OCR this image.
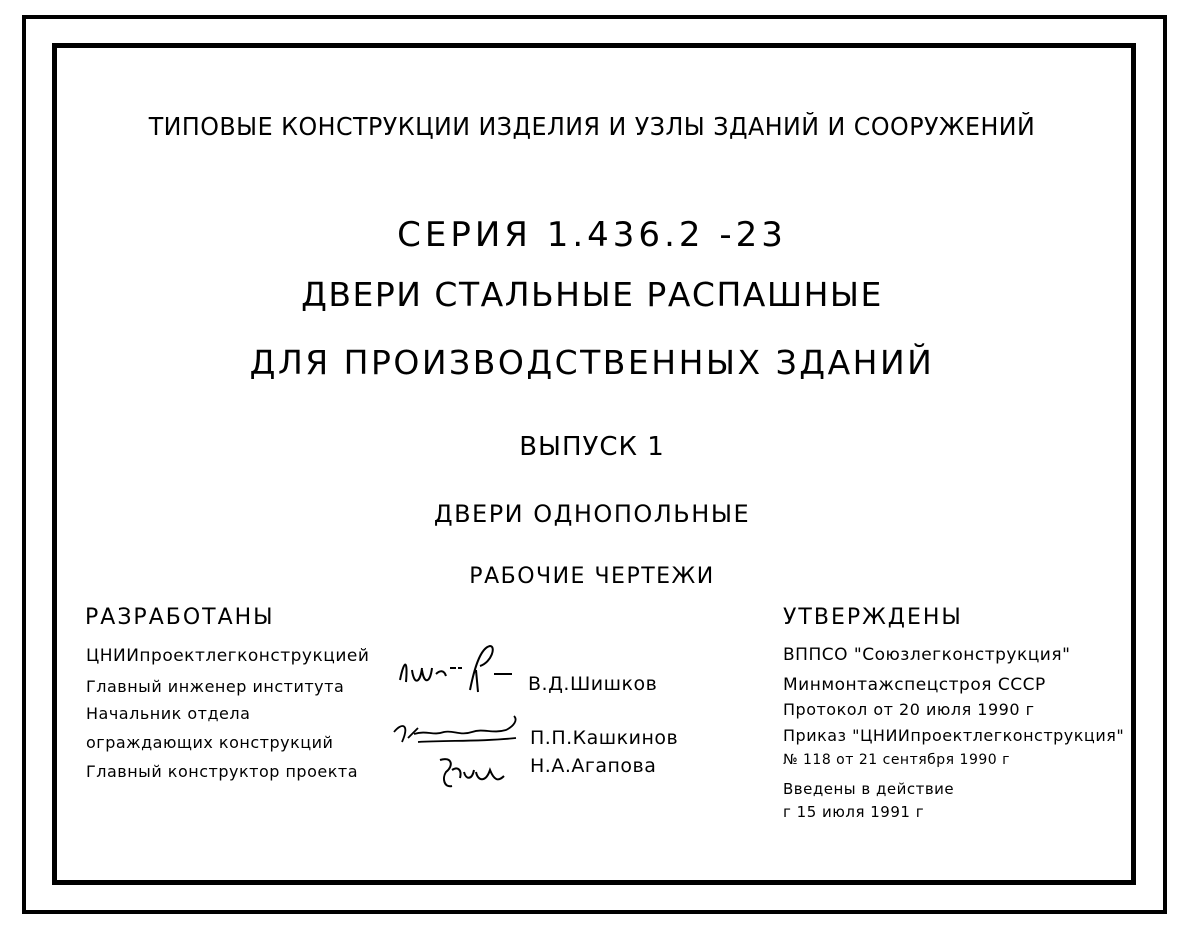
ТИПОВЫЕ КОНСТРУКЦИИ ИЗДЕЛИЯ И УЗЛЫ ЗДАНИЙ И СООРУЖЕНИЙ
СЕРИЯ 1.436.2 -23
ДВЕРИ СТАЛЬНЫЕ РАСПАШНЫЕ
ДЛЯ ПРОИЗВОДСТВЕННЫХ ЗДАНИЙ
ВЫПУСК 1
ДВЕРИ ОДНОПОЛЬНЫЕ
РАБОЧИЕ ЧЕРТЕЖИ
РАЗРАБОТАНЫ
ЦНИИпроектлегконструкцией
Главный инженер института
Начальник отдела
ограждающих конструкций
Главный конструктор проекта
В.Д.Шишков
П.П.Кашкинов
Н.А.Агапова
УТВЕРЖДЕНЫ
ВППСО "Союзлегконструкция"
Минмонтажспецстроя СССР
Протокол от 20 июля 1990 г
Приказ "ЦНИИпроектлегконструкция"
№ 118 от 21 сентября 1990 г
Введены в действие
г 15 июля 1991 г
